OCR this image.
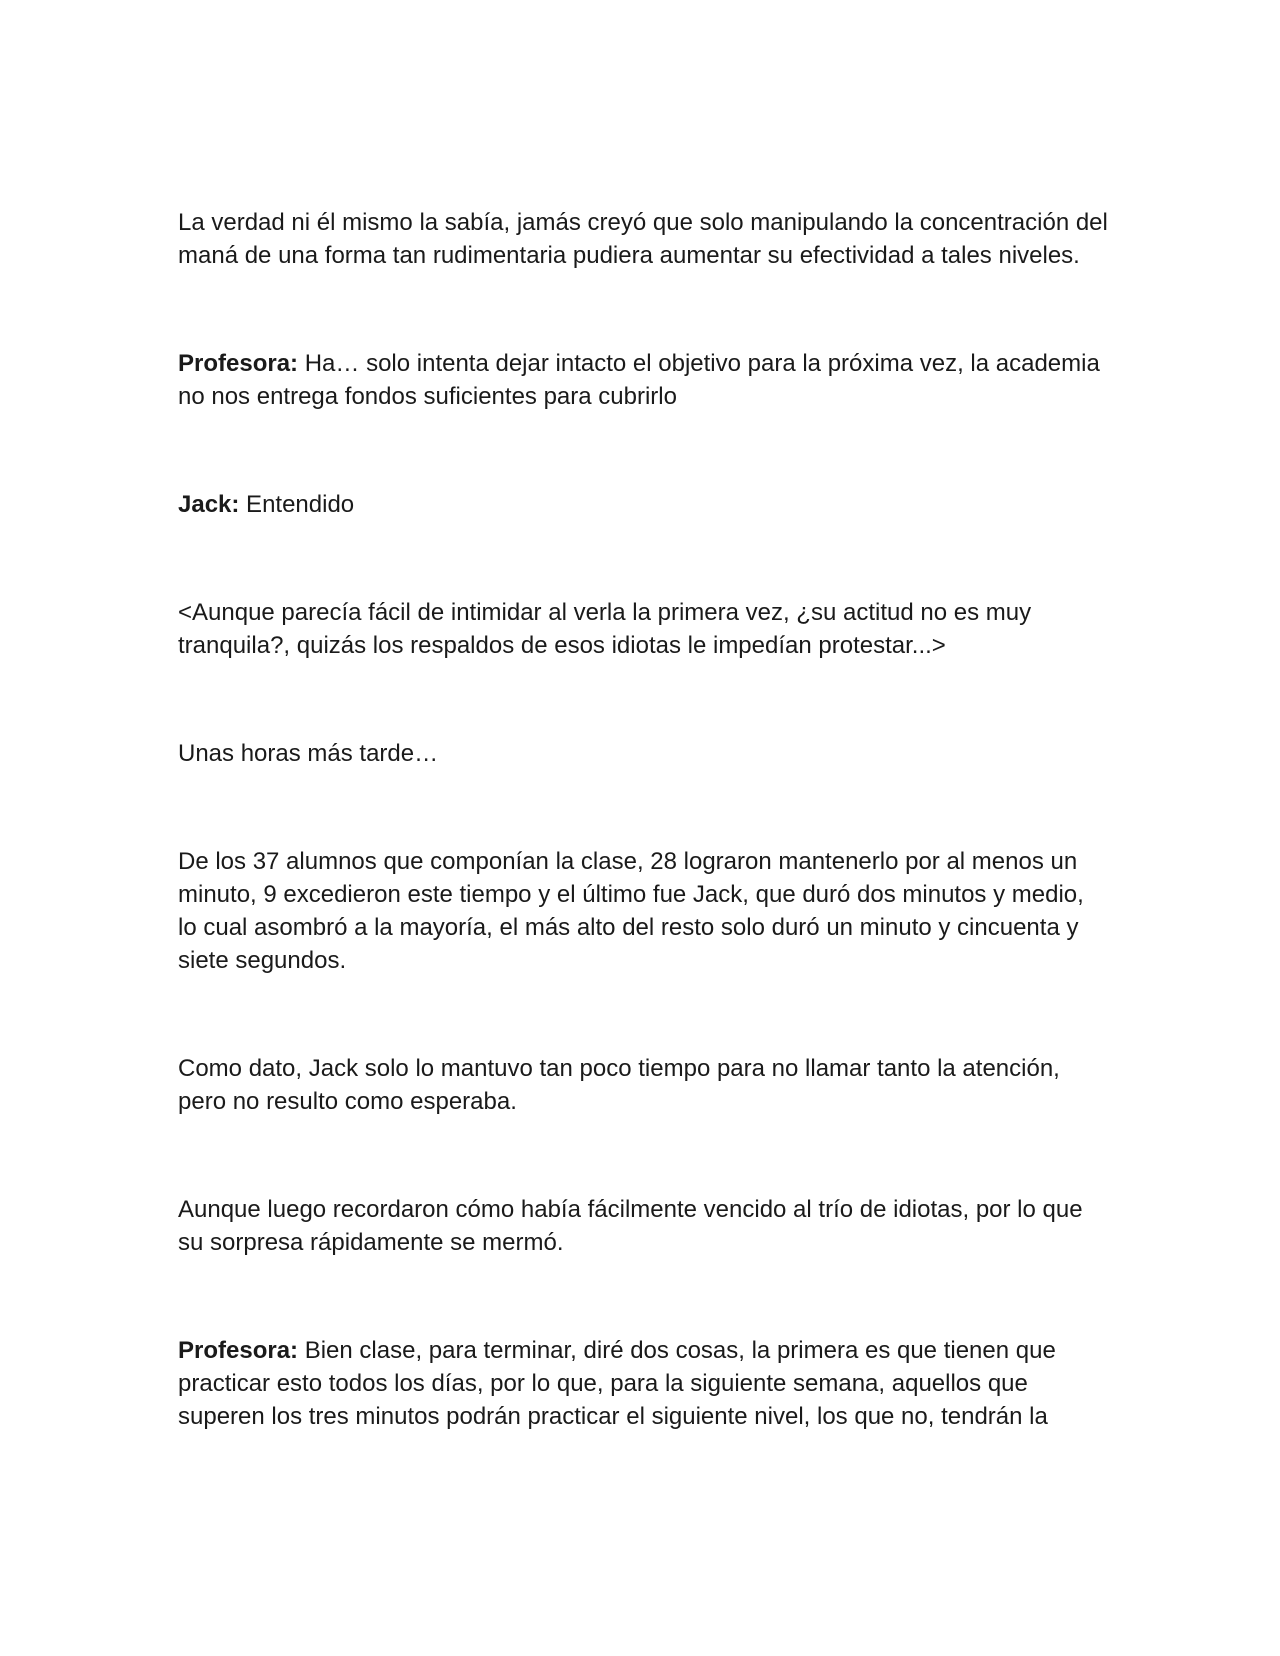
La verdad ni él mismo la sabía, jamás creyó que solo manipulando la concentración del maná de una forma tan rudimentaria pudiera aumentar su efectividad a tales niveles.

Profesora: Ha… solo intenta dejar intacto el objetivo para la próxima vez, la academia no nos entrega fondos suficientes para cubrirlo

Jack: Entendido

<Aunque parecía fácil de intimidar al verla la primera vez, ¿su actitud no es muy tranquila?, quizás los respaldos de esos idiotas le impedían protestar...>

Unas horas más tarde…

De los 37 alumnos que componían la clase, 28 lograron mantenerlo por al menos un minuto, 9 excedieron este tiempo y el último fue Jack, que duró dos minutos y medio, lo cual asombró a la mayoría, el más alto del resto solo duró un minuto y cincuenta y siete segundos.

Como dato, Jack solo lo mantuvo tan poco tiempo para no llamar tanto la atención, pero no resulto como esperaba.

Aunque luego recordaron cómo había fácilmente vencido al trío de idiotas, por lo que su sorpresa rápidamente se mermó.

Profesora: Bien clase, para terminar, diré dos cosas, la primera es que tienen que practicar esto todos los días, por lo que, para la siguiente semana, aquellos que superen los tres minutos podrán practicar el siguiente nivel, los que no, tendrán la
